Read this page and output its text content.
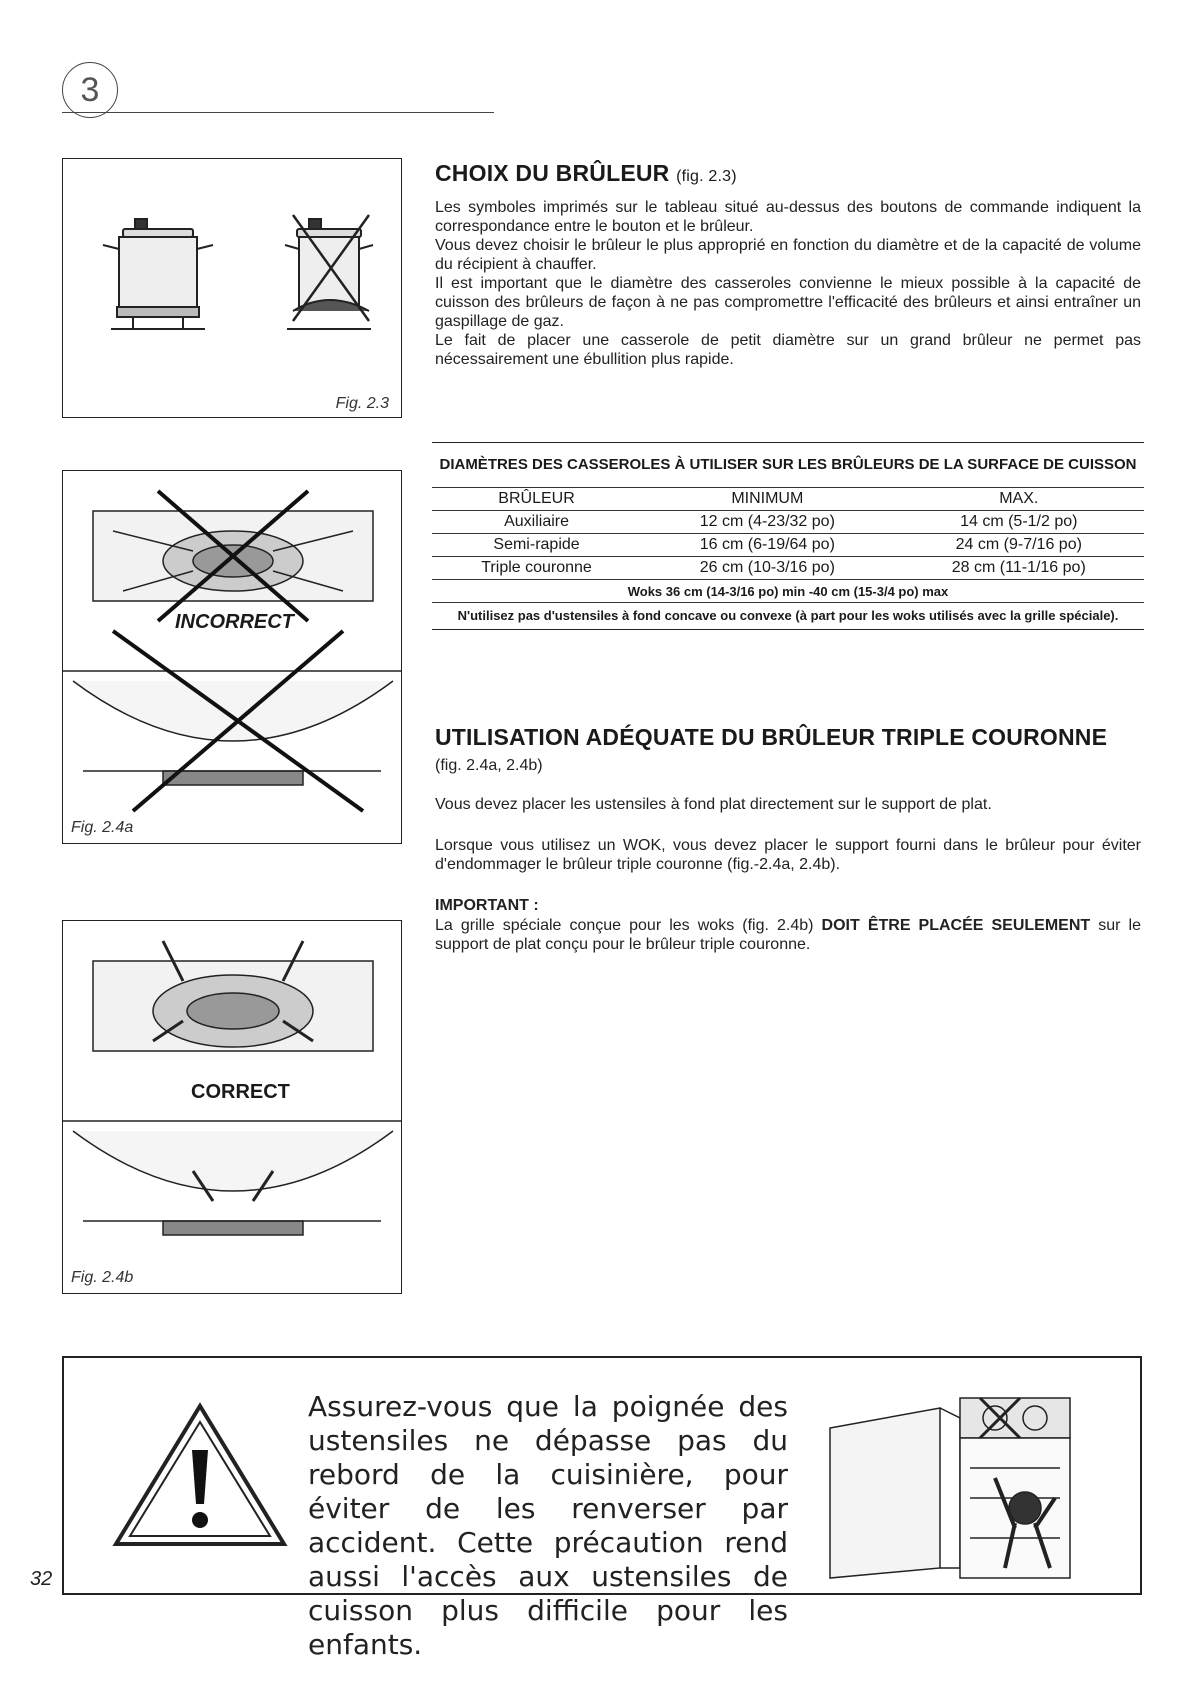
3
Fig. 2.3
INCORRECT
Fig. 2.4a
CORRECT
Fig. 2.4b
CHOIX DU BRÛLEUR (fig. 2.3)
Les symboles imprimés sur le tableau situé au-dessus des boutons de commande indiquent la correspondance entre le bouton et le brûleur.
Vous devez choisir le brûleur le plus approprié en fonction du diamètre et de la capacité de volume du récipient à chauffer.
Il est important que le diamètre des casseroles convienne le mieux possible à la capacité de cuisson des brûleurs de façon à ne pas compromettre l'efficacité des brûleurs et ainsi entraîner un gaspillage de gaz.
Le fait de placer une casserole de petit diamètre sur un grand brûleur ne permet pas nécessairement une ébullition plus rapide.
DIAMÈTRES DES CASSEROLES À UTILISER SUR LES BRÛLEURS DE LA SURFACE DE CUISSON		
BRÛLEUR	MINIMUM	MAX.
Auxiliaire	12 cm (4-23/32 po)	14 cm (5-1/2 po)
Semi-rapide	16 cm (6-19/64 po)	24 cm (9-7/16 po)
Triple couronne	26 cm (10-3/16 po)	28 cm (11-1/16 po)
Woks 36 cm (14-3/16 po) min -40 cm (15-3/4 po) max		
N'utilisez pas d'ustensiles à fond concave ou convexe (à part pour les woks utilisés avec la grille spéciale).		
UTILISATION ADÉQUATE DU BRÛLEUR TRIPLE COURONNE
(fig. 2.4a, 2.4b)
Vous devez placer les ustensiles à fond plat directement sur le support de plat.
Lorsque vous utilisez un WOK, vous devez placer le support fourni dans le brûleur pour éviter d'endommager le brûleur triple couronne (fig.-2.4a, 2.4b).
IMPORTANT :
La grille spéciale conçue pour les woks (fig. 2.4b) DOIT ÊTRE PLACÉE SEULEMENT sur le support de plat conçu pour le brûleur triple couronne.
Assurez-vous que la poignée des ustensiles ne dépasse pas du rebord de la cuisinière, pour éviter de les renverser par accident. Cette précaution rend aussi l'accès aux ustensiles de cuisson plus difficile pour les enfants.
32
